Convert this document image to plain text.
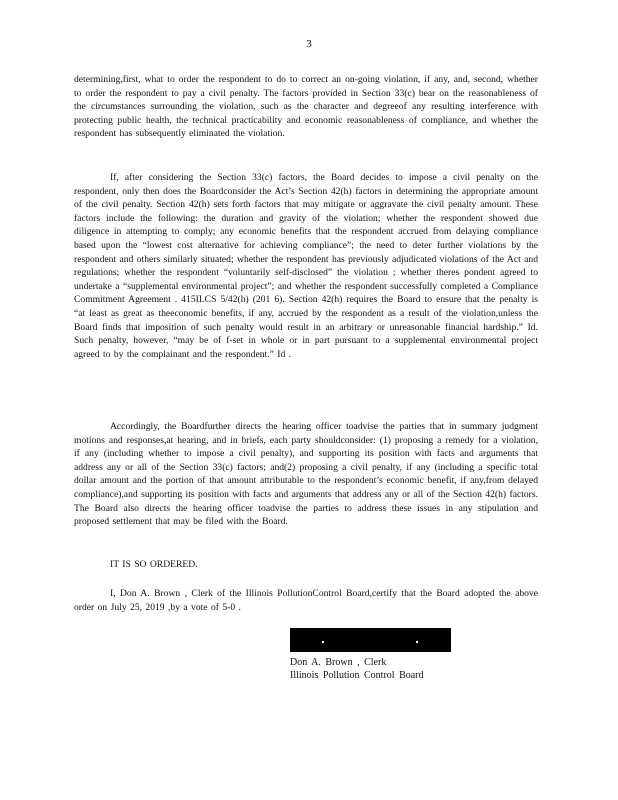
3

determining,first, what to order the respondent to do to correct an on-going violation, if any, and, second, whether to order the respondent to pay a civil penalty. The factors provided in Section 33(c) bear on the reasonableness of the circumstances surrounding the violation, such as the character and degreeof any resulting interference with protecting public health, the technical practicability and economic reasonableness of compliance, and whether the respondent has subsequently eliminated the violation.

If, after considering the Section 33(c) factors, the Board decides to impose a civil penalty on the respondent, only then does the Boardconsider the Act’s Section 42(h) factors in determining the appropriate amount of the civil penalty. Section 42(h) sets forth factors that may mitigate or aggravate the civil penalty amount. These factors include the following: the duration and gravity of the violation; whether the respondent showed due diligence in attempting to comply; any economic benefits that the respondent accrued from delaying compliance based upon the “lowest cost alternative for achieving compliance”; the need to deter further violations by the respondent and others similarly situated; whether the respondent has previously adjudicated violations of the Act and regulations; whether the respondent “voluntarily self-disclosed” the violation ; whether theres pondent agreed to undertake a “supplemental environmental project”; and whether the respondent successfully completed a Compliance Commitment Agreement . 415ILCS 5/42(h) (201 6). Section 42(h) requires the Board to ensure that the penalty is “at least as great as theeconomic benefits, if any, accrued by the respondent as a result of the violation,unless the Board finds that imposition of such penalty would result in an arbitrary or unreasonable financial hardship.” Id. Such penalty, however, “may be of f-set in whole or in part pursuant to a supplemental environmental project agreed to by the complainant and the respondent.” Id .

Accordingly, the Boardfurther directs the hearing officer toadvise the parties that in summary judgment motions and responses,at hearing, and in briefs, each party shouldconsider: (1) proposing a remedy for a violation, if any (including whether to impose a civil penalty), and supporting its position with facts and arguments that address any or all of the Section 33(c) factors; and(2) proposing a civil penalty, if any (including a specific total dollar amount and the portion of that amount attributable to the respondent’s economic benefit, if any,from delayed compliance),and supporting its position with facts and arguments that address any or all of the Section 42(h) factors. The Board also directs the hearing officer toadvise the parties to address these issues in any stipulation and proposed settlement that may be filed with the Board.

IT IS SO ORDERED.

I, Don A. Brown , Clerk of the Illinois PollutionControl Board,certify that the Board adopted the above order on July 25, 2019 ,by a vote of 5-0 .

Don A. Brown , Clerk
Illinois Pollution Control Board
